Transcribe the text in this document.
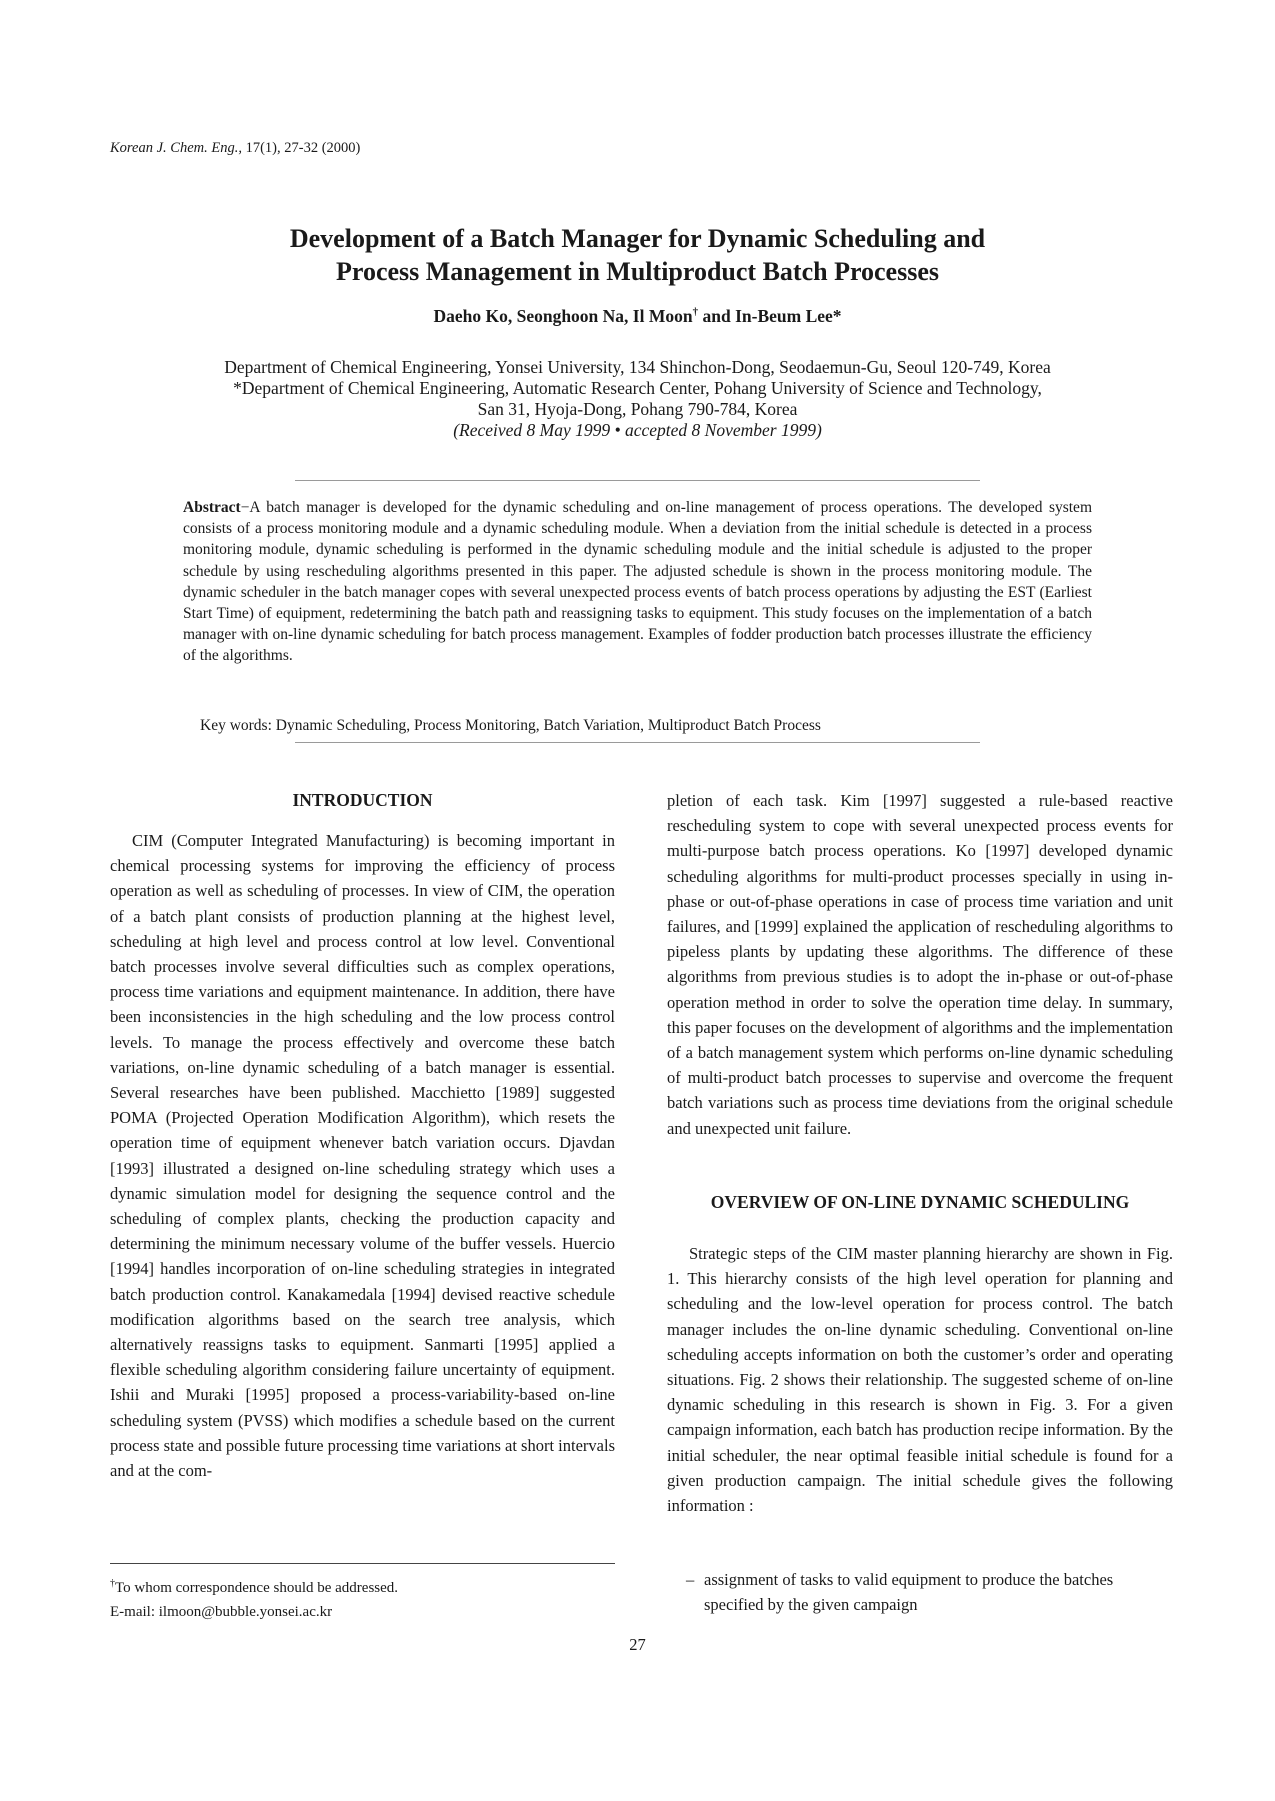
Korean J. Chem. Eng., 17(1), 27-32 (2000)
Development of a Batch Manager for Dynamic Scheduling and
Process Management in Multiproduct Batch Processes
Daeho Ko, Seonghoon Na, Il Moon† and In-Beum Lee*
Department of Chemical Engineering, Yonsei University, 134 Shinchon-Dong, Seodaemun-Gu, Seoul 120-749, Korea
*Department of Chemical Engineering, Automatic Research Center, Pohang University of Science and Technology,
San 31, Hyoja-Dong, Pohang 790-784, Korea
(Received 8 May 1999 • accepted 8 November 1999)
Abstract−A batch manager is developed for the dynamic scheduling and on-line management of process operations. The developed system consists of a process monitoring module and a dynamic scheduling module. When a deviation from the initial schedule is detected in a process monitoring module, dynamic scheduling is performed in the dynamic scheduling module and the initial schedule is adjusted to the proper schedule by using rescheduling algorithms presented in this paper. The adjusted schedule is shown in the process monitoring module. The dynamic scheduler in the batch manager copes with several unexpected process events of batch process operations by adjusting the EST (Earliest Start Time) of equipment, redetermining the batch path and reassigning tasks to equipment. This study focuses on the implementation of a batch manager with on-line dynamic scheduling for batch process management. Examples of fodder production batch processes illustrate the efficiency of the algorithms.
Key words: Dynamic Scheduling, Process Monitoring, Batch Variation, Multiproduct Batch Process
INTRODUCTION

CIM (Computer Integrated Manufacturing) is becoming important in chemical processing systems for improving the efficiency of process operation as well as scheduling of processes. In view of CIM, the operation of a batch plant consists of production planning at the highest level, scheduling at high level and process control at low level. Conventional batch processes involve several difficulties such as complex operations, process time variations and equipment maintenance. In addition, there have been inconsistencies in the high scheduling and the low process control levels. To manage the process effectively and overcome these batch variations, on-line dynamic scheduling of a batch manager is essential. Several researches have been published. Macchietto [1989] suggested POMA (Projected Operation Modification Algorithm), which resets the operation time of equipment whenever batch variation occurs. Djavdan [1993] illustrated a designed on-line scheduling strategy which uses a dynamic simulation model for designing the sequence control and the scheduling of complex plants, checking the production capacity and determining the minimum necessary volume of the buffer vessels. Huercio [1994] handles incorporation of on-line scheduling strategies in integrated batch production control. Kanakamedala [1994] devised reactive schedule modification algorithms based on the search tree analysis, which alternatively reassigns tasks to equipment. Sanmarti [1995] applied a flexible scheduling algorithm considering failure uncertainty of equipment. Ishii and Muraki [1995] proposed a process-variability-based on-line scheduling system (PVSS) which modifies a schedule based on the current process state and possible future processing time variations at short intervals and at the com-

pletion of each task. Kim [1997] suggested a rule-based reactive rescheduling system to cope with several unexpected process events for multi-purpose batch process operations. Ko [1997] developed dynamic scheduling algorithms for multi-product processes specially in using in-phase or out-of-phase operations in case of process time variation and unit failures, and [1999] explained the application of rescheduling algorithms to pipeless plants by updating these algorithms. The difference of these algorithms from previous studies is to adopt the in-phase or out-of-phase operation method in order to solve the operation time delay. In summary, this paper focuses on the development of algorithms and the implementation of a batch management system which performs on-line dynamic scheduling of multi-product batch processes to supervise and overcome the frequent batch variations such as process time deviations from the original schedule and unexpected unit failure.

OVERVIEW OF ON-LINE DYNAMIC SCHEDULING

Strategic steps of the CIM master planning hierarchy are shown in Fig. 1. This hierarchy consists of the high level operation for planning and scheduling and the low-level operation for process control. The batch manager includes the on-line dynamic scheduling. Conventional on-line scheduling accepts information on both the customer’s order and operating situations. Fig. 2 shows their relationship. The suggested scheme of on-line dynamic scheduling in this research is shown in Fig. 3. For a given campaign information, each batch has production recipe information. By the initial scheduler, the near optimal feasible initial schedule is found for a given production campaign. The initial schedule gives the following information :

– assignment of tasks to valid equipment to produce the batches specified by the given campaign
†To whom correspondence should be addressed.
E-mail: ilmoon@bubble.yonsei.ac.kr
27
